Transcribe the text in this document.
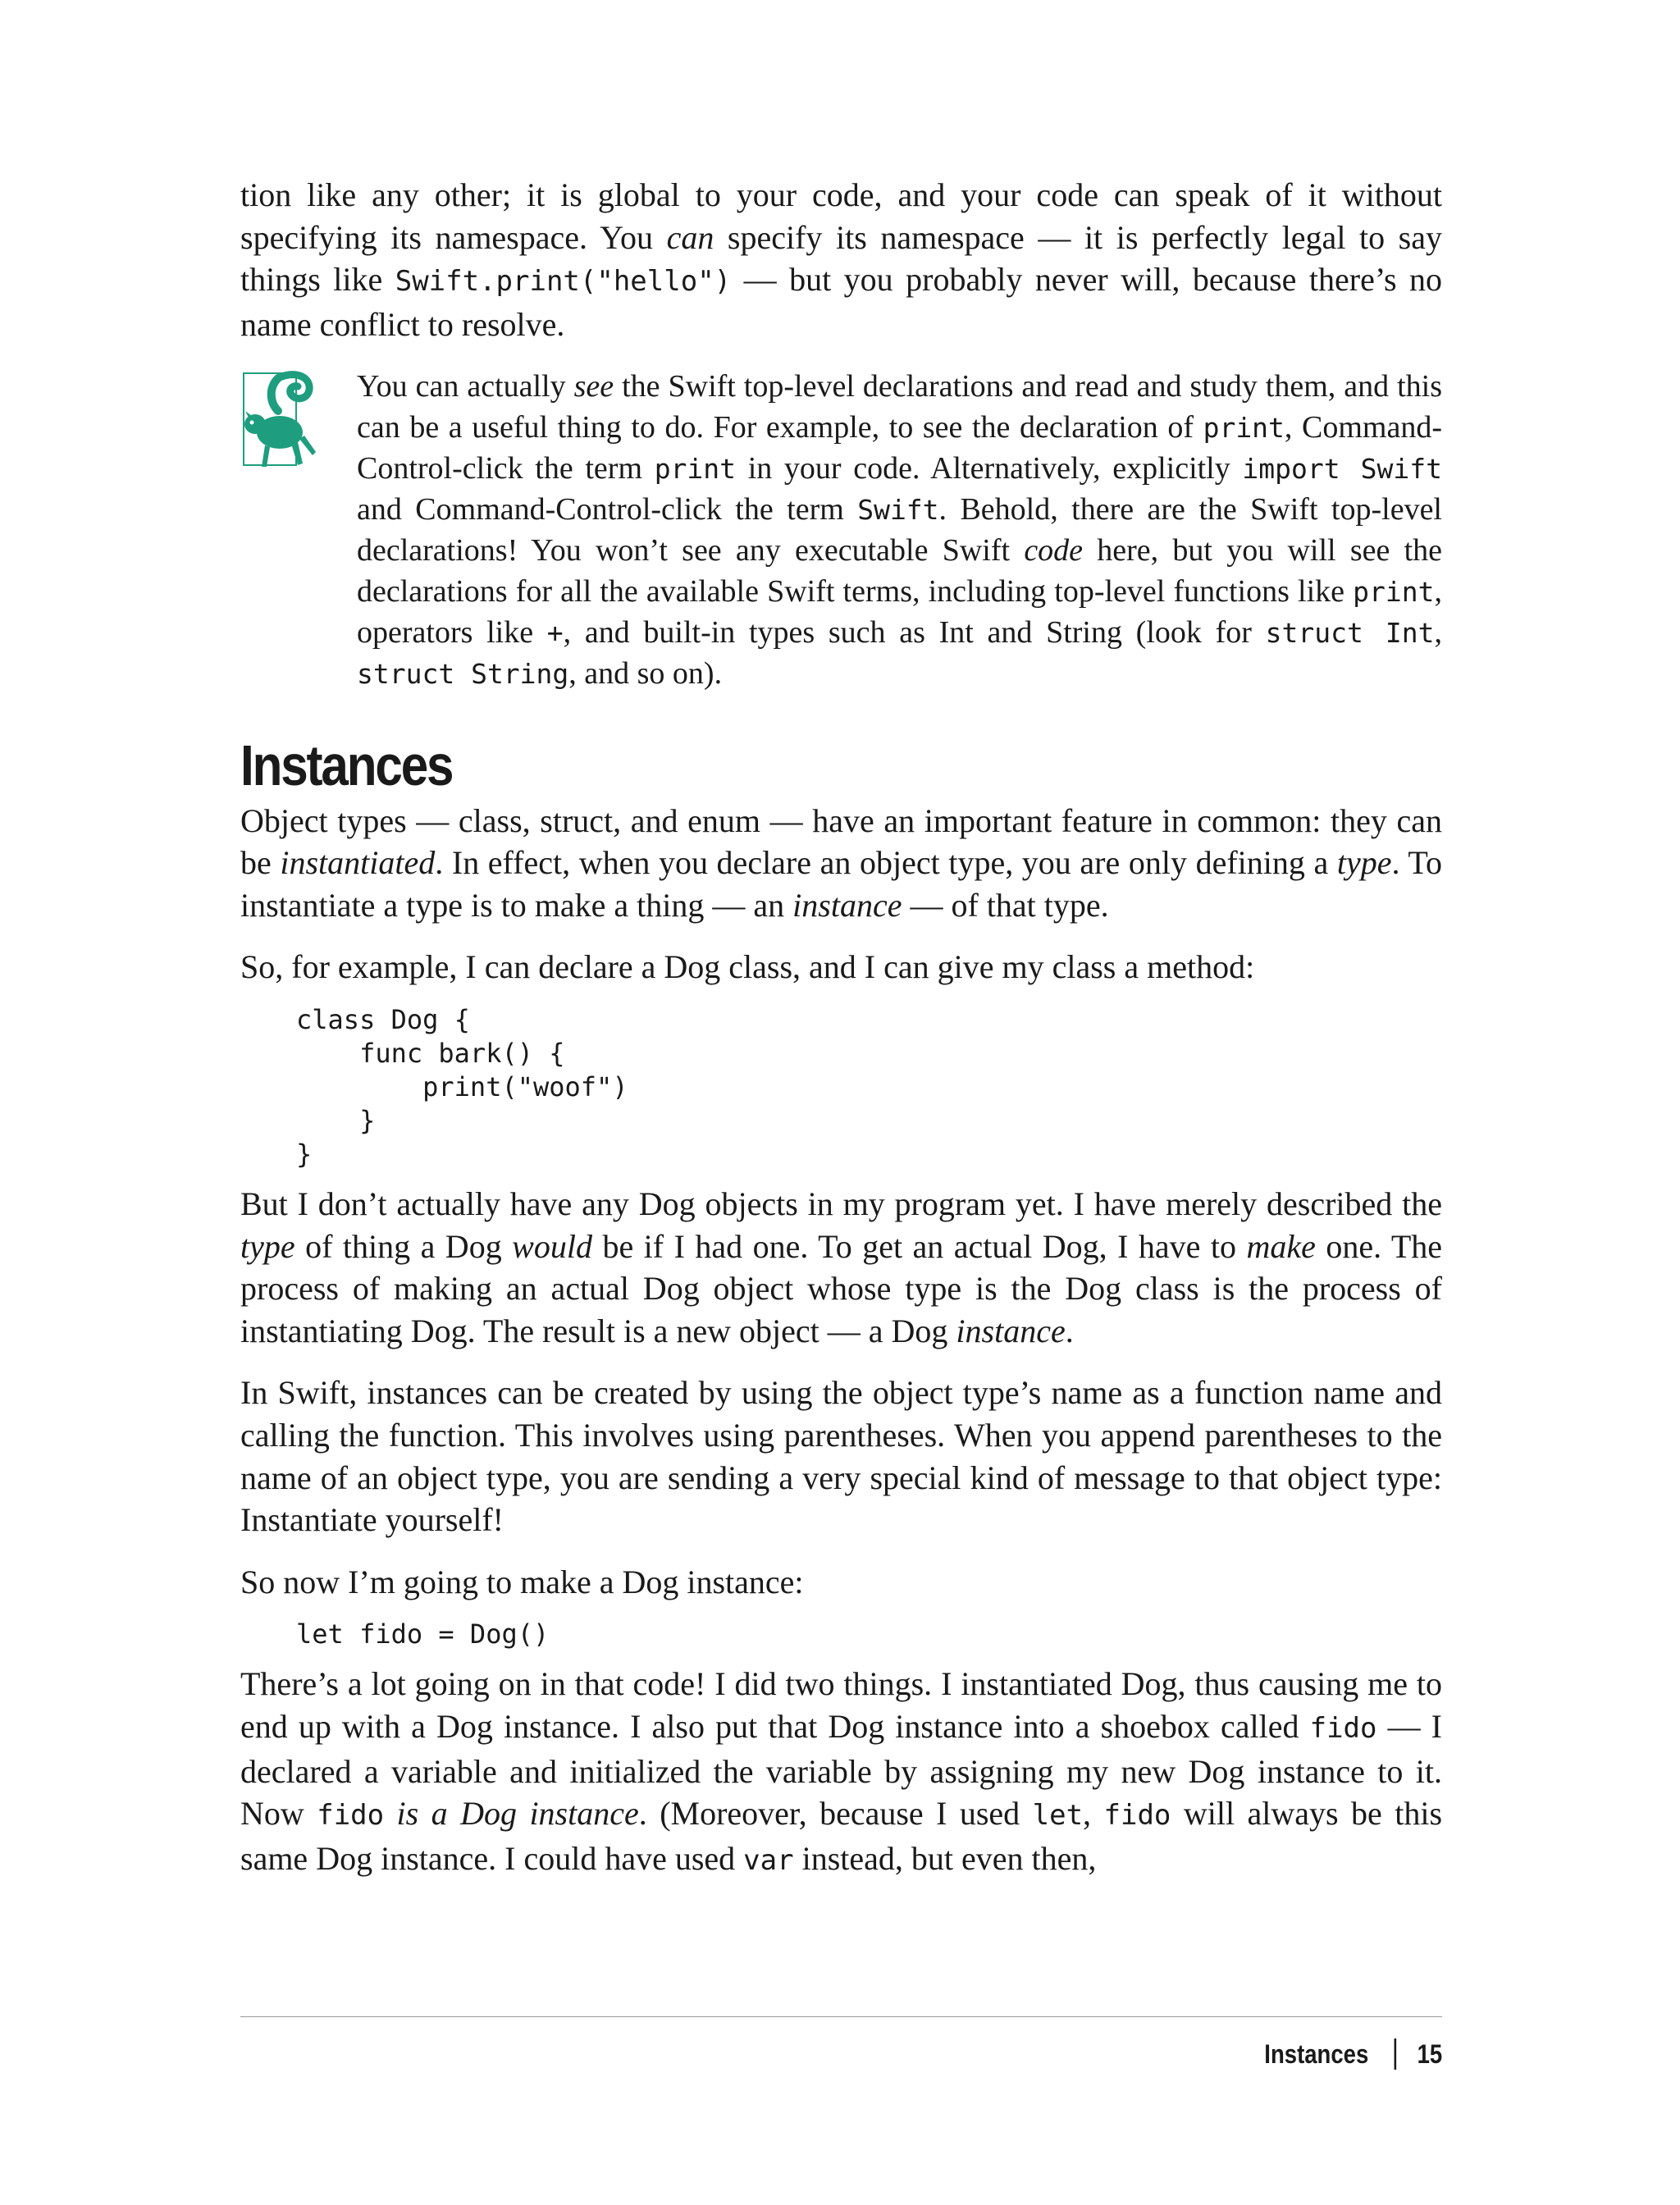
tion like any other; it is global to your code, and your code can speak of it without specifying its namespace. You can specify its namespace — it is perfectly legal to say things like Swift.print("hello") — but you probably never will, because there’s no name conflict to resolve.

You can actually see the Swift top-level declarations and read and study them, and this can be a useful thing to do. For example, to see the declaration of print, Command-Control-click the term print in your code. Alternatively, explicitly import Swift and Command-Control-click the term Swift. Behold, there are the Swift top-level declarations! You won’t see any executable Swift code here, but you will see the declarations for all the available Swift terms, including top-level functions like print, operators like +, and built-in types such as Int and String (look for struct Int, struct String, and so on).

Instances

Object types — class, struct, and enum — have an important feature in common: they can be instantiated. In effect, when you declare an object type, you are only defining a type. To instantiate a type is to make a thing — an instance — of that type.

So, for example, I can declare a Dog class, and I can give my class a method:

class Dog {
func bark() {
print("woof")
}
}

But I don’t actually have any Dog objects in my program yet. I have merely described the type of thing a Dog would be if I had one. To get an actual Dog, I have to make one. The process of making an actual Dog object whose type is the Dog class is the process of instantiating Dog. The result is a new object — a Dog instance.

In Swift, instances can be created by using the object type’s name as a function name and calling the function. This involves using parentheses. When you append parentheses to the name of an object type, you are sending a very special kind of message to that object type: Instantiate yourself!

So now I’m going to make a Dog instance:

let fido = Dog()

There’s a lot going on in that code! I did two things. I instantiated Dog, thus causing me to end up with a Dog instance. I also put that Dog instance into a shoebox called fido — I declared a variable and initialized the variable by assigning my new Dog instance to it. Now fido is a Dog instance. (Moreover, because I used let, fido will always be this same Dog instance. I could have used var instead, but even then,

Instances 15
